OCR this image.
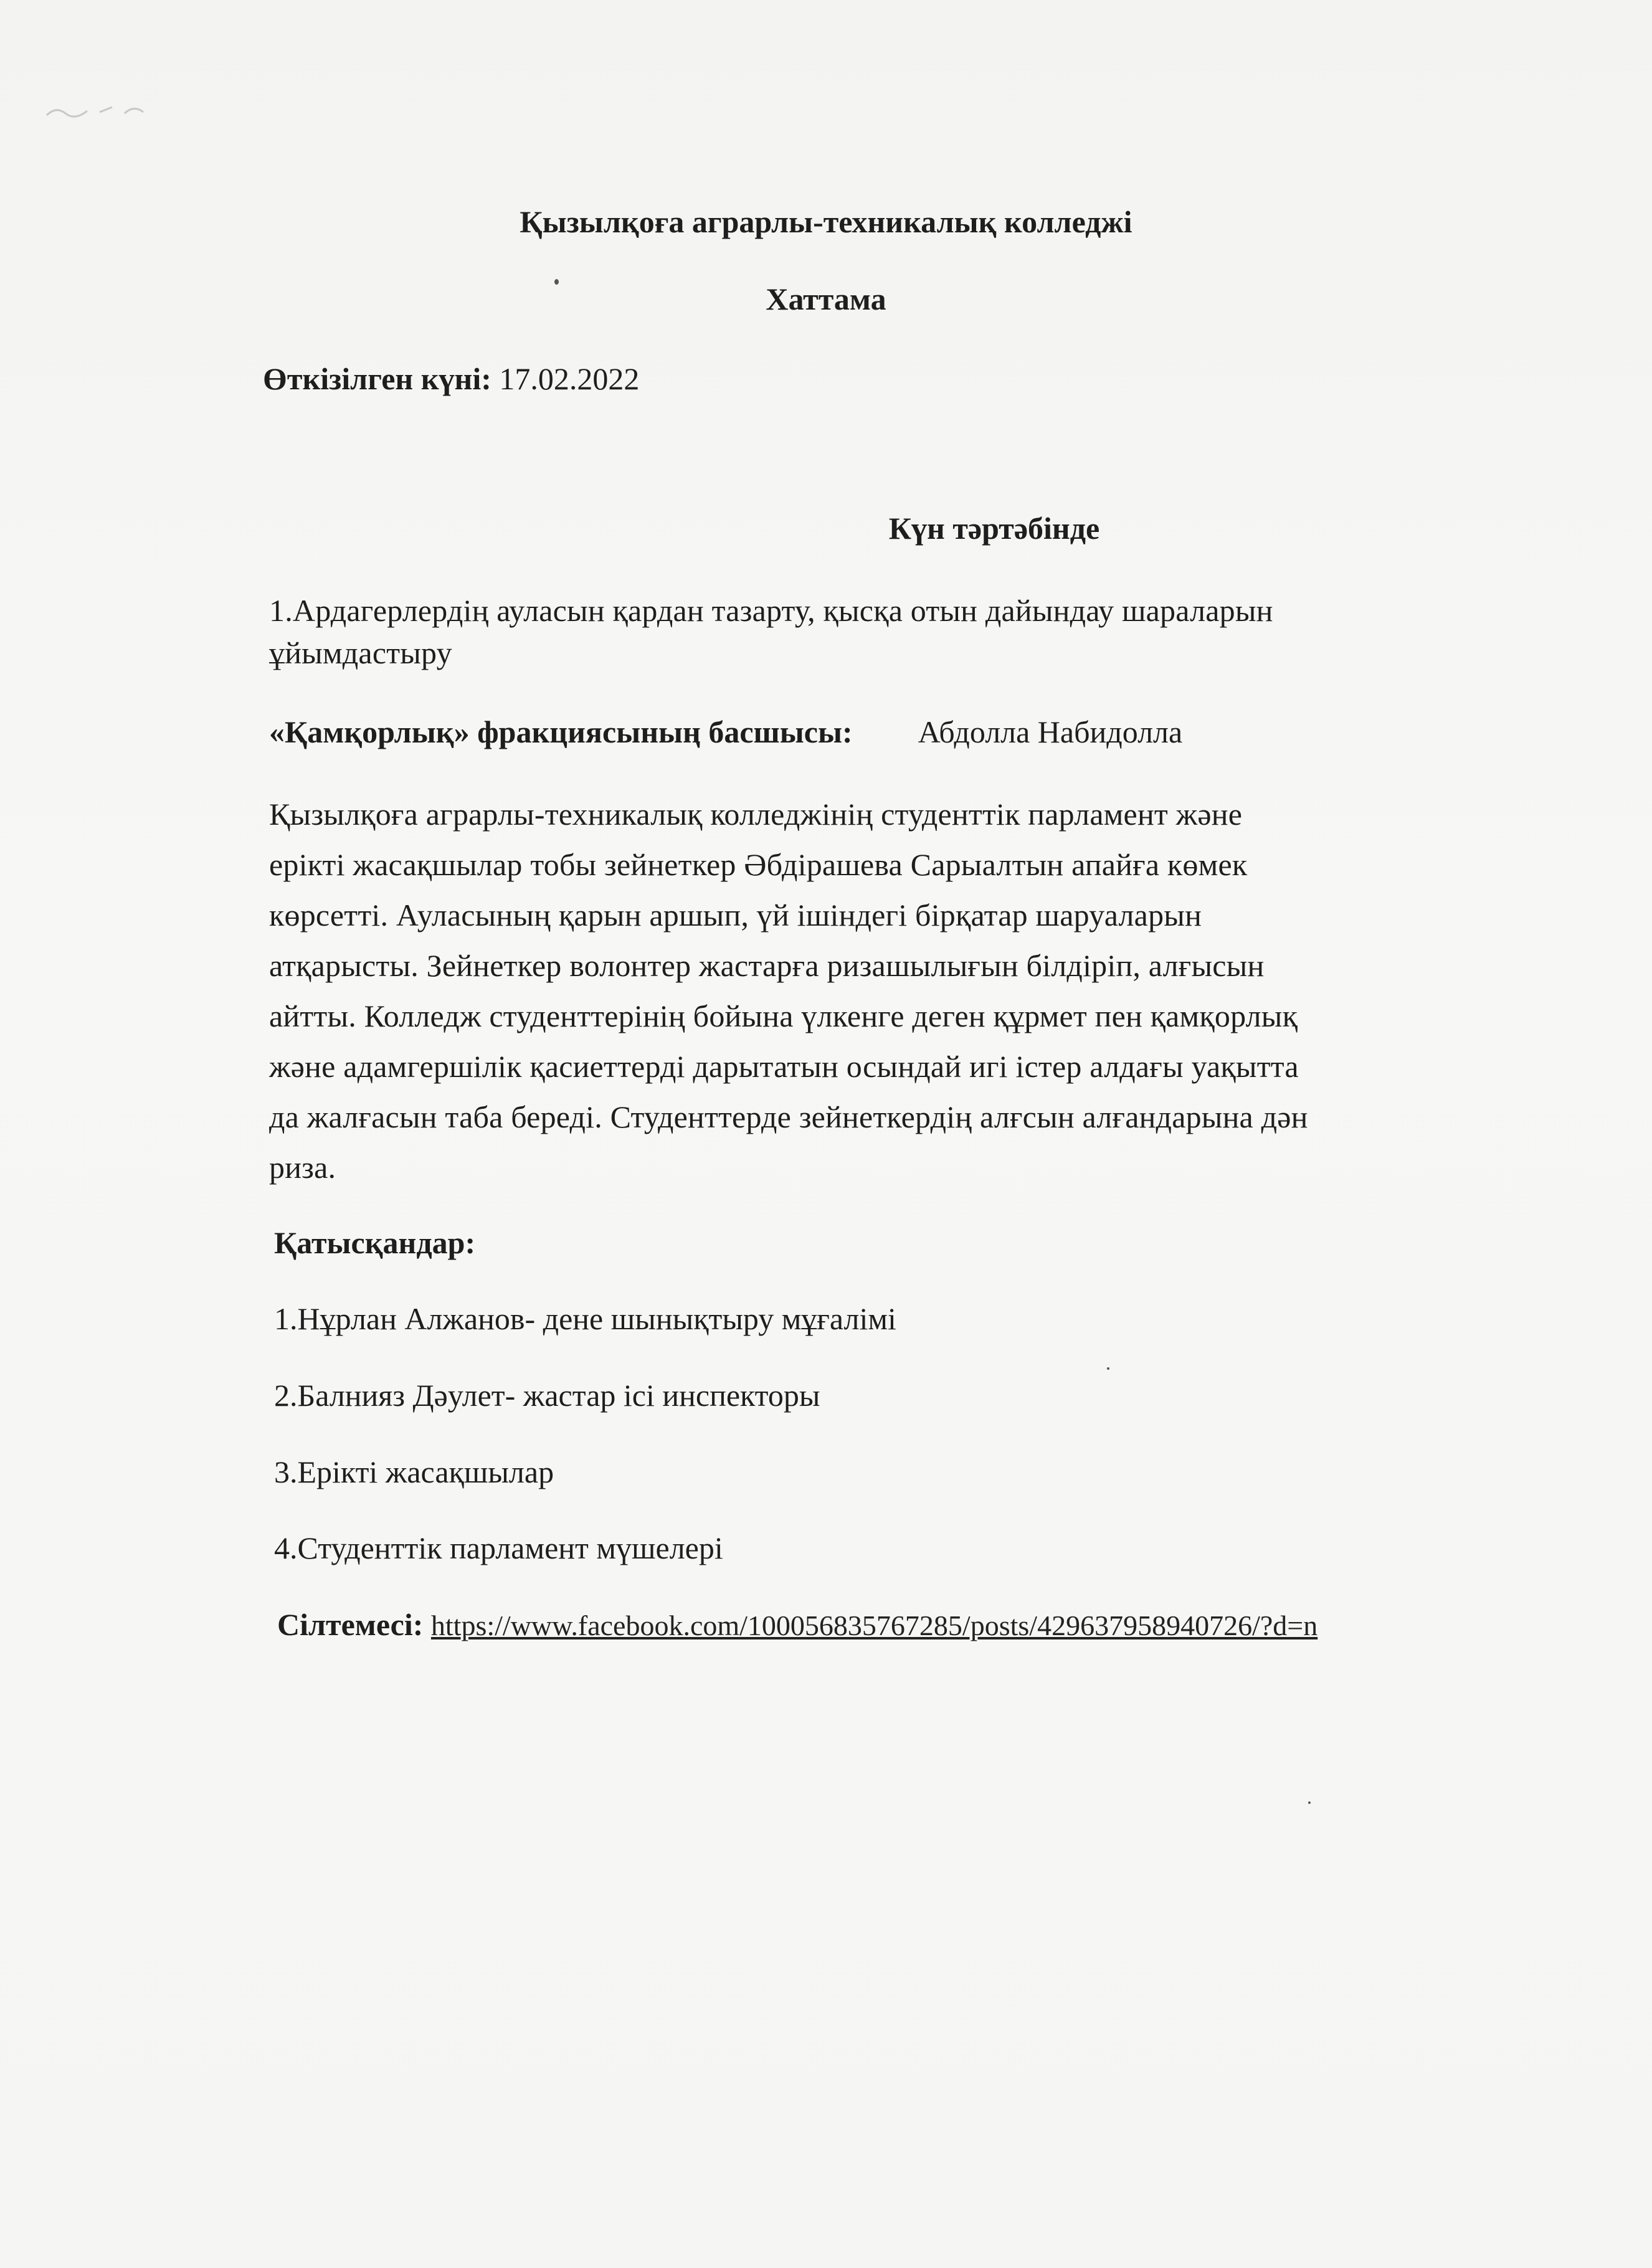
Қызылқоға аграрлы-техникалық колледжі
Хаттама
Өткізілген күні: 17.02.2022
Күн тәртәбінде
1.Ардагерлердің ауласын қардан тазарту, қысқа отын дайындау шараларын
ұйымдастыру
«Қамқорлық» фракциясының басшысы: Абдолла Набидолла
Қызылқоға аграрлы-техникалық колледжінің студенттік парламент және
ерікті жасақшылар тобы зейнеткер Әбдірашева Сарыалтын апайға көмек
көрсетті. Ауласының қарын аршып, үй ішіндегі бірқатар шаруаларын
атқарысты. Зейнеткер волонтер жастарға ризашылығын білдіріп, алғысын
айтты. Колледж студенттерінің бойына үлкенге деген құрмет пен қамқорлық
және адамгершілік қасиеттерді дарытатын осындай игі істер алдағы уақытта
да жалғасын таба береді. Студенттерде зейнеткердің алғсын алғандарына дән
риза.
Қатысқандар:
1.Нұрлан Алжанов- дене шынықтыру мұғалімі
2.Балнияз Дәулет- жастар ісі инспекторы
3.Ерікті жасақшылар
4.Студенттік парламент мүшелері
Сілтемесі: https://www.facebook.com/100056835767285/posts/429637958940726/?d=n
